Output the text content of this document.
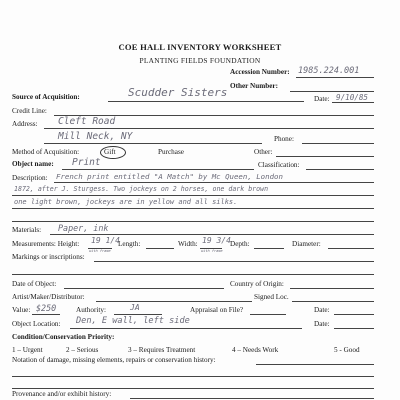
COE HALL INVENTORY WORKSHEET
PLANTING FIELDS FOUNDATION
Accession Number: 1985.224.001
Other Number:
Source of Acquisition:	Scudder Sisters	Date: 9/10/85
Credit Line:
Address: Cleft Road
Mill Neck, NY	Phone:
Method of Acquisition:	Gift	Purchase	Other:
Object name: Print	Classification:
Description: French print entitled "A Match" by Mc Queen, London
1872, after J. Sturgess. Two jockeys on 2 horses, one dark brown
one light brown, jockeys are in yellow and all silks.
Materials: Paper, ink
Measurements: Height: 19 1/4
with frame
Length:	Width: 19 3/4
with frame
Depth:	Diameter:
Markings or inscriptions:
Date of Object:	Country of Origin:
Artist/Maker/Distributor:	Signed Loc.
Value: $250	Authority:	JA	Appraisal on File?	Date:
Object Location: Den, E wall, left side	Date:
Condition/Conservation Priority:
1 – Urgent	2 – Serious	3 – Requires Treatment	4 – Needs Work	5 - Good
Notation of damage, missing elements, repairs or conservation history:
Provenance and/or exhibit history:
